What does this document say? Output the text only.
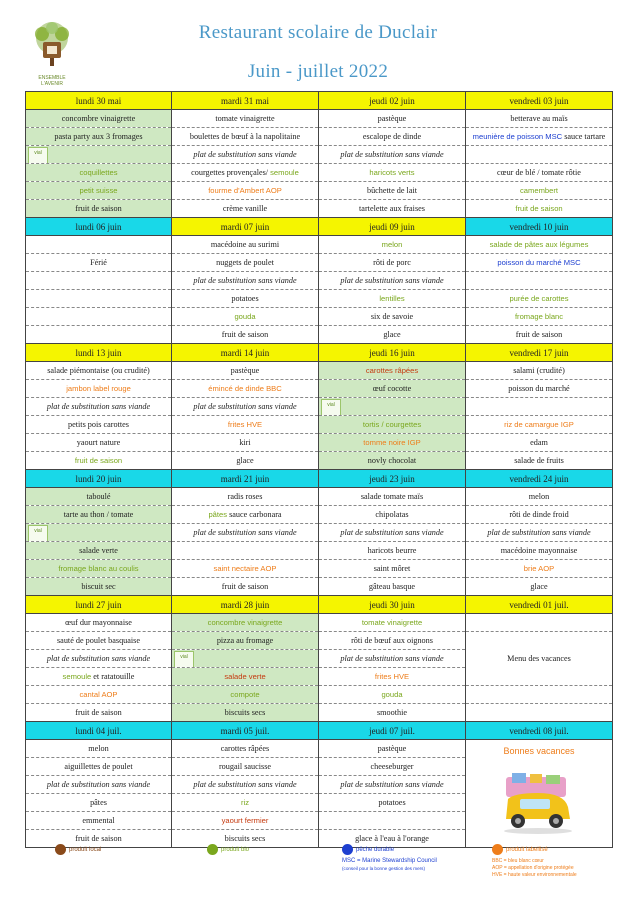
ENSEMBLE
L'AVENIR
Restaurant scolaire de Duclair
Juin - juillet 2022
lundi 30 mai	mardi 31 mai	jeudi 02 juin	vendredi 03 juin
concombre vinaigrette	tomate vinaigrette	pastèque	betterave au maïs
pasta party aux 3 fromages	boulettes de bœuf à la napolitaine	escalope de dinde	meunière de poisson MSC sauce tartare

vial	plat de substitution sans viande	plat de substitution sans viande	
coquillettes	courgettes provençales/ semoule	haricots verts	cœur de blé / tomate rôtie
petit suisse	fourme d'Ambert AOP	bûchette de lait	camembert
fruit de saison	crème vanille	tartelette aux fraises	fruit de saison
lundi 06 juin	mardi 07 juin	jeudi 09 juin	vendredi 10 juin
	macédoine au surimi	melon	salade de pâtes aux légumes
Férié	nuggets de poulet	rôti de porc	poisson du marché MSC
	plat de substitution sans viande	plat de substitution sans viande	
	potatoes	lentilles	purée de carottes
	gouda	six de savoie	fromage blanc
	fruit de saison	glace	fruit de saison
lundi 13 juin	mardi 14 juin	jeudi 16 juin	vendredi 17 juin
salade piémontaise (ou crudité)	pastèque	carottes râpées	salami (crudité)
jambon label rouge	émincé de dinde BBC	œuf cocotte	poisson du marché
plat de substitution sans viande	plat de substitution sans viande	vial	

petits pois carottes	frites HVE	tortis / courgettes	riz de camargue IGP
yaourt nature	kiri	tomme noire IGP	edam
fruit de saison	glace	novly chocolat	salade de fruits
lundi 20 juin	mardi 21 juin	jeudi 23 juin	vendredi 24 juin
taboulé	radis roses	salade tomate maïs	melon
tarte au thon / tomate	pâtes sauce carbonara	chipolatas	rôti de dinde froid

vial	plat de substitution sans viande	plat de substitution sans viande	plat de substitution sans viande
salade verte		haricots beurre	macédoine mayonnaise
fromage blanc au coulis	saint nectaire AOP	saint môret	brie AOP
biscuit sec	fruit de saison	gâteau basque	glace
lundi 27 juin	mardi 28 juin	jeudi 30 juin	vendredi 01 juil.
œuf dur mayonnaise	concombre vinaigrette	tomate vinaigrette	
sauté de poulet basquaise	pizza au fromage	rôti de bœuf aux oignons	Menu des vacances
plat de substitution sans viande	vial	plat de substitution sans viande	
semoule et ratatouille	salade verte	frites HVE	
cantal AOP	compote	gouda	
fruit de saison	biscuits secs	smoothie	
lundi 04 juil.	mardi 05 juil.	jeudi 07 juil.	vendredi 08 juil.
melon	carottes râpées	pastèque	Bonnes vacances

aiguillettes de poulet	rougail saucisse	cheeseburger	
plat de substitution sans viande	plat de substitution sans viande	plat de substitution sans viande	
pâtes	riz	potatoes	
emmental	yaourt fermier		
fruit de saison	biscuits secs	glace à l'eau à l'orange	
produit local	produit bio	pêche durable
MSC = Marine Stewardship Council
(conseil pour la bonne gestion des mers)
produit labellisé
BBC = bleu blanc cœur
AOP = appellation d'origine protégée
HVE = haute valeur environnementale
